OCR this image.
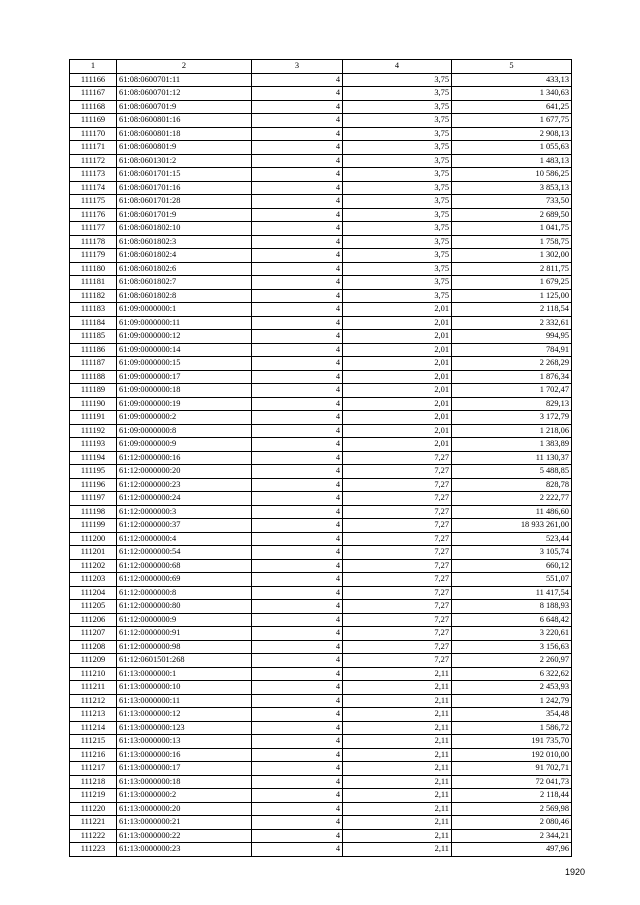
1	2	3	4	5
111166	61:08:0600701:11	4	3,75	433,13
111167	61:08:0600701:12	4	3,75	1 340,63
111168	61:08:0600701:9	4	3,75	641,25
111169	61:08:0600801:16	4	3,75	1 677,75
111170	61:08:0600801:18	4	3,75	2 908,13
111171	61:08:0600801:9	4	3,75	1 055,63
111172	61:08:0601301:2	4	3,75	1 483,13
111173	61:08:0601701:15	4	3,75	10 586,25
111174	61:08:0601701:16	4	3,75	3 853,13
111175	61:08:0601701:28	4	3,75	733,50
111176	61:08:0601701:9	4	3,75	2 689,50
111177	61:08:0601802:10	4	3,75	1 041,75
111178	61:08:0601802:3	4	3,75	1 758,75
111179	61:08:0601802:4	4	3,75	1 302,00
111180	61:08:0601802:6	4	3,75	2 811,75
111181	61:08:0601802:7	4	3,75	1 679,25
111182	61:08:0601802:8	4	3,75	1 125,00
111183	61:09:0000000:1	4	2,01	2 118,54
111184	61:09:0000000:11	4	2,01	2 332,61
111185	61:09:0000000:12	4	2,01	994,95
111186	61:09:0000000:14	4	2,01	784,91
111187	61:09:0000000:15	4	2,01	2 268,29
111188	61:09:0000000:17	4	2,01	1 876,34
111189	61:09:0000000:18	4	2,01	1 702,47
111190	61:09:0000000:19	4	2,01	829,13
111191	61:09:0000000:2	4	2,01	3 172,79
111192	61:09:0000000:8	4	2,01	1 218,06
111193	61:09:0000000:9	4	2,01	1 383,89
111194	61:12:0000000:16	4	7,27	11 130,37
111195	61:12:0000000:20	4	7,27	5 488,85
111196	61:12:0000000:23	4	7,27	828,78
111197	61:12:0000000:24	4	7,27	2 222,77
111198	61:12:0000000:3	4	7,27	11 486,60
111199	61:12:0000000:37	4	7,27	18 933 261,00
111200	61:12:0000000:4	4	7,27	523,44
111201	61:12:0000000:54	4	7,27	3 105,74
111202	61:12:0000000:68	4	7,27	660,12
111203	61:12:0000000:69	4	7,27	551,07
111204	61:12:0000000:8	4	7,27	11 417,54
111205	61:12:0000000:80	4	7,27	8 188,93
111206	61:12:0000000:9	4	7,27	6 648,42
111207	61:12:0000000:91	4	7,27	3 220,61
111208	61:12:0000000:98	4	7,27	3 156,63
111209	61:12:0601501:268	4	7,27	2 260,97
111210	61:13:0000000:1	4	2,11	6 322,62
111211	61:13:0000000:10	4	2,11	2 453,93
111212	61:13:0000000:11	4	2,11	1 242,79
111213	61:13:0000000:12	4	2,11	354,48
111214	61:13:0000000:123	4	2,11	1 586,72
111215	61:13:0000000:13	4	2,11	191 735,70
111216	61:13:0000000:16	4	2,11	192 010,00
111217	61:13:0000000:17	4	2,11	91 702,71
111218	61:13:0000000:18	4	2,11	72 041,73
111219	61:13:0000000:2	4	2,11	2 118,44
111220	61:13:0000000:20	4	2,11	2 569,98
111221	61:13:0000000:21	4	2,11	2 080,46
111222	61:13:0000000:22	4	2,11	2 344,21
111223	61:13:0000000:23	4	2,11	497,96
1920
